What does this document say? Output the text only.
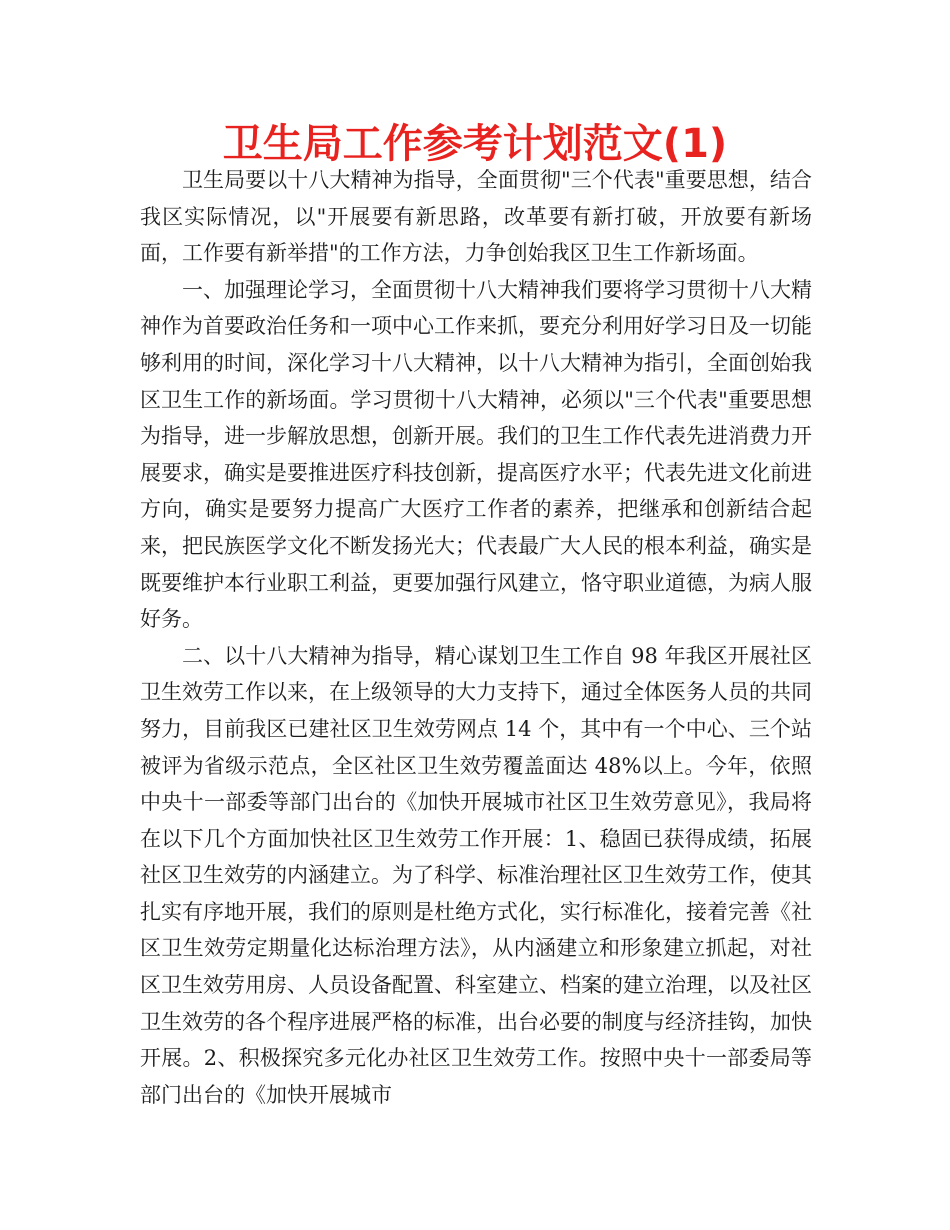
卫生局工作参考计划范文(1)

卫生局要以十八大精神为指导，全面贯彻"三个代表"重要思想，结合我区实际情况，以"开展要有新思路，改革要有新打破，开放要有新场面，工作要有新举措"的工作方法，力争创始我区卫生工作新场面。

一、加强理论学习，全面贯彻十八大精神我们要将学习贯彻十八大精神作为首要政治任务和一项中心工作来抓，要充分利用好学习日及一切能够利用的时间，深化学习十八大精神，以十八大精神为指引，全面创始我区卫生工作的新场面。学习贯彻十八大精神，必须以"三个代表"重要思想为指导，进一步解放思想，创新开展。我们的卫生工作代表先进消费力开展要求，确实是要推进医疗科技创新，提高医疗水平；代表先进文化前进方向，确实是要努力提高广大医疗工作者的素养，把继承和创新结合起来，把民族医学文化不断发扬光大；代表最广大人民的根本利益，确实是既要维护本行业职工利益，更要加强行风建立，恪守职业道德，为病人服好务。

二、以十八大精神为指导，精心谋划卫生工作自 98 年我区开展社区卫生效劳工作以来，在上级领导的大力支持下，通过全体医务人员的共同努力，目前我区已建社区卫生效劳网点 14 个，其中有一个中心、三个站被评为省级示范点，全区社区卫生效劳覆盖面达 48%以上。今年，依照中央十一部委等部门出台的《加快开展城市社区卫生效劳意见》，我局将在以下几个方面加快社区卫生效劳工作开展：1、稳固已获得成绩，拓展社区卫生效劳的内涵建立。为了科学、标准治理社区卫生效劳工作，使其扎实有序地开展，我们的原则是杜绝方式化，实行标准化，接着完善《社区卫生效劳定期量化达标治理方法》，从内涵建立和形象建立抓起，对社区卫生效劳用房、人员设备配置、科室建立、档案的建立治理，以及社区卫生效劳的各个程序进展严格的标准，出台必要的制度与经济挂钩，加快开展。2、积极探究多元化办社区卫生效劳工作。按照中央十一部委局等部门出台的《加快开展城市
